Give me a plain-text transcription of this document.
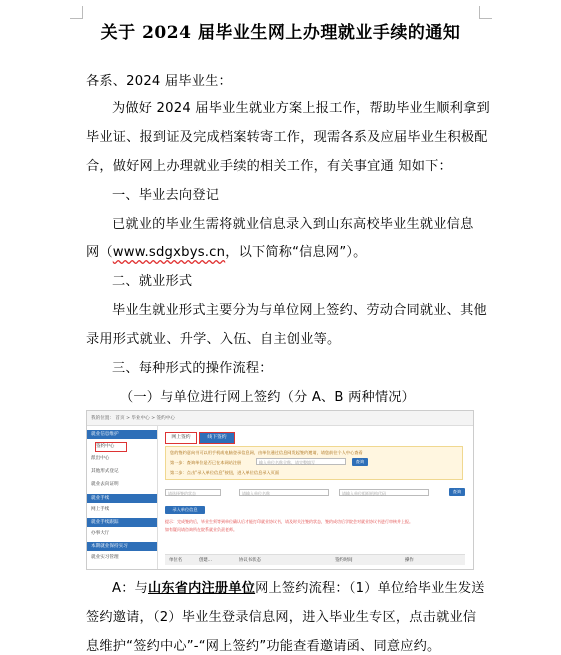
关于 2024 届毕业生网上办理就业手续的通知
各系、2024 届毕业生：
为做好 2024 届毕业生就业方案上报工作，帮助毕业生顺利拿到
毕业证、报到证及完成档案转寄工作，现需各系及应届毕业生积极配
合，做好网上办理就业手续的相关工作，有关事宜通 知如下：
一、毕业去向登记
已就业的毕业生需将就业信息录入到山东高校毕业生就业信息
网（www.sdgxbys.cn，以下简称“信息网”）。
二、就业形式
毕业生就业形式主要分为与单位网上签约、劳动合同就业、其他
录用形式就业、升学、入伍、自主创业等。
三、每种形式的操作流程：
（一）与单位进行网上签约（分 A、B 两种情况）
我的位置： 首页 > 毕业中心 > 签约中心
就业信息维护
签约中心
派出中心
其他形式登记
就业去向证明
就业手续
网上手续
就业手续跟踪
办事大厅
本期就业保持实习
就业实习管理
网上签约	线下签约
您的签约意向书可以用手机或电脑登录信息网，由单位通过信息网发起签约邀请，请您前往个人中心查看
第一步：查询单位是否已在本网站注册	输入单位名称全称，请完整填写	查询
第二步：点击“录入单位信息”按钮，进入单位信息录入页面
请选择签约状态	请输入单位名称	请输入单位组织机构代码	查询
录入单位信息
提示：完成签约后，毕业生须等到单位确认后才能打印就业协议书，请及时关注签约状态，签约成功后学院会对就业协议书进行审核并上报。
如有疑问请咨询所在院系就业负责老师。
单位名	创建...	协议书状态	签约时间	操作
A：与山东省内注册单位网上签约流程：（1）单位给毕业生发送
签约邀请，（2）毕业生登录信息网，进入毕业生专区，点击就业信
息维护“签约中心”-“网上签约”功能查看邀请函、同意应约。
